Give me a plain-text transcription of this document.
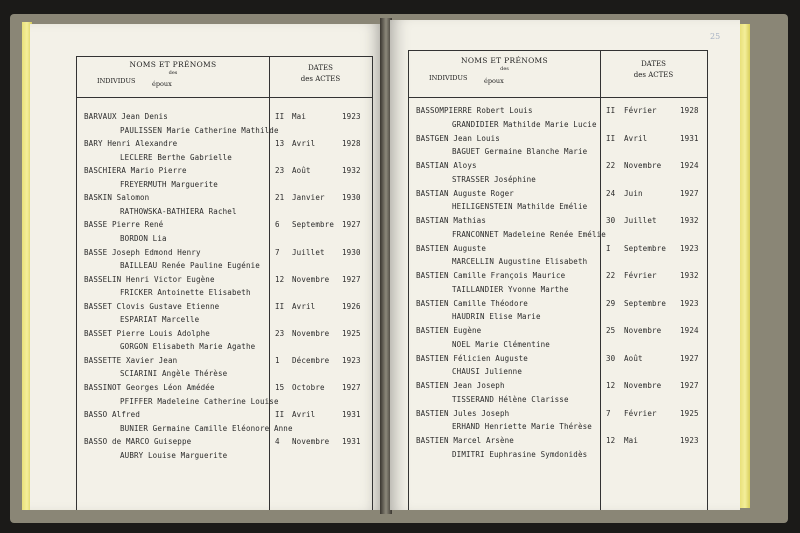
NOMS ET PRÉNOMS
des
INDIVIDUS	époux
DATES
des ACTES
BARVAUX Jean Denis
PAULISSEN Marie Catherine Mathilde
II Mai	1923
BARY Henri Alexandre
LECLERE Berthe Gabrielle
13 Avril	1928
BASCHIERA Mario Pierre
FREYERMUTH Marguerite
23 Août	1932
BASKIN Salomon
RATHOWSKA-BATHIERA Rachel
21 Janvier 1930
BASSE Pierre René
BORDON Lia
6 Septembre 1927
BASSE Joseph Edmond Henry
BAILLEAU Renée Pauline Eugénie
7 Juillet 1930
BASSELIN Henri Victor Eugène
FRICKER Antoinette Elisabeth
12 Novembre 1927
BASSET Clovis Gustave Etienne
ESPARIAT Marcelle
II Avril	1926
BASSET Pierre Louis Adolphe
GORGON Elisabeth Marie Agathe
23 Novembre 1925
BASSETTE Xavier Jean
SCIARINI Angèle Thérèse
1 Décembre 1923
BASSINOT Georges Léon Amédée
PFIFFER Madeleine Catherine Louise
15 Octobre 1927
BASSO Alfred
BUNIER Germaine Camille Eléonore Anne
II Avril	1931
BASSO de MARCO Guiseppe
AUBRY Louise Marguerite
4 Novembre 1931
25
NOMS ET PRÉNOMS
des
INDIVIDUS	époux
DATES
des ACTES
BASSOMPIERRE Robert Louis
GRANDIDIER Mathilde Marie Lucie
II Février	1928
BASTGEN Jean Louis
BAGUET Germaine Blanche Marie
II Avril	1931
BASTIAN Aloys
STRASSER Joséphine
22 Novembre 1924
BASTIAN Auguste Roger
HEILIGENSTEIN Mathilde Emélie
24 Juin	1927
BASTIAN Mathias
FRANCONNET Madeleine Renée Emélie
30 Juillet	1932
BASTIEN Auguste
MARCELLIN Augustine Elisabeth
I Septembre 1923
BASTIEN Camille François Maurice
TAILLANDIER Yvonne Marthe
22 Février	1932
BASTIEN Camille Théodore
HAUDRIN Elise Marie
29 Septembre 1923
BASTIEN Eugène
NOEL Marie Clémentine
25 Novembre 1924
BASTIEN Félicien Auguste
CHAUSI Julienne
30 Août	1927
BASTIEN Jean Joseph
TISSERAND Hélène Clarisse
12 Novembre 1927
BASTIEN Jules Joseph
ERHAND Henriette Marie Thérèse
7 Février	1925
BASTIEN Marcel Arsène
DIMITRI Euphrasine Symdonidès
12 Mai	1923
